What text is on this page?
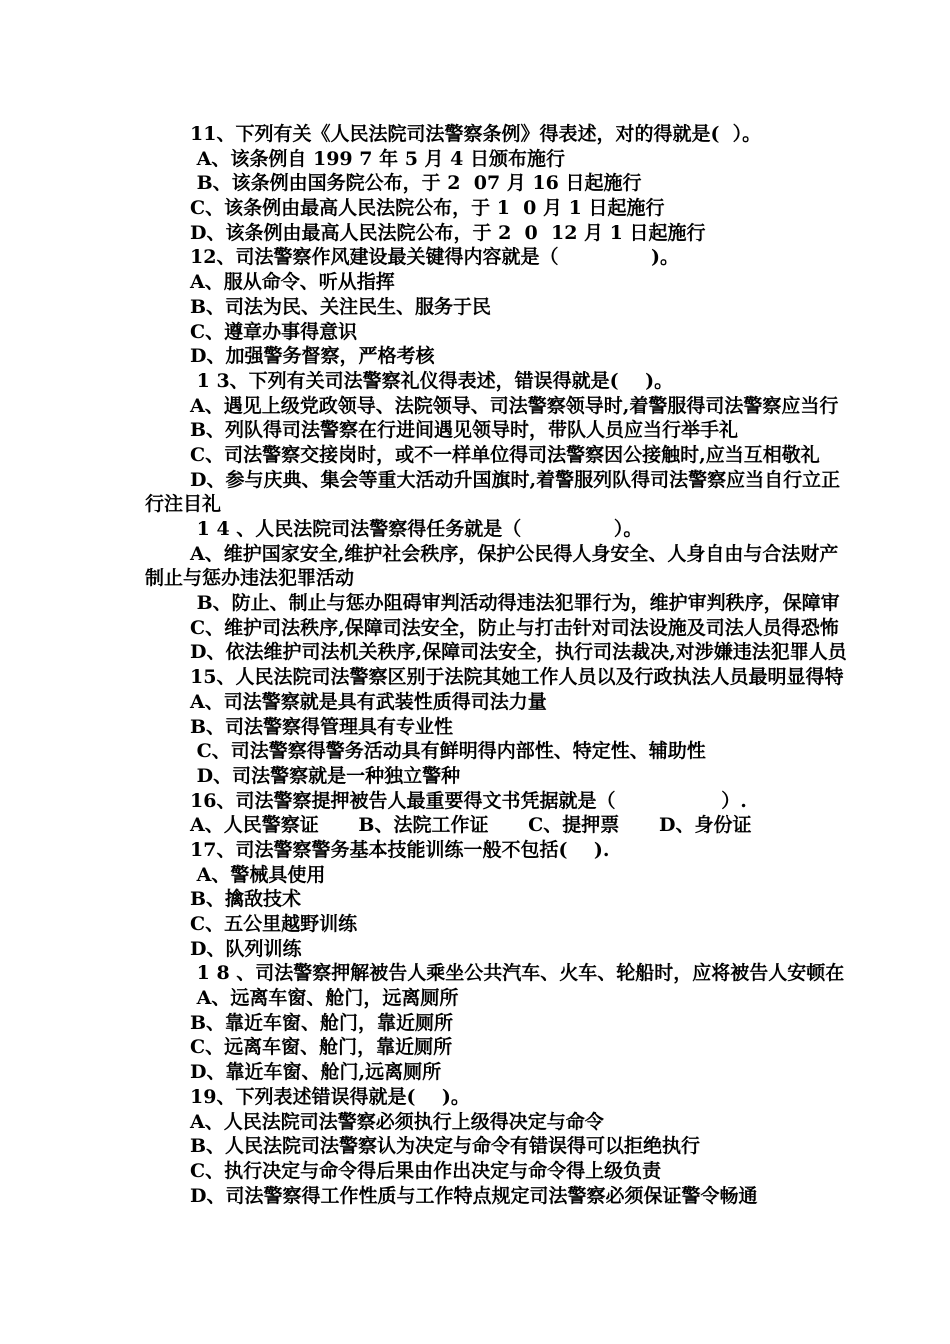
11、下列有关《人民法院司法警察条例》得表述，对的得就是(  ）。
A、该条例自 199 7 年 5 月 4 日颁布施行
B、该条例由国务院公布，于 2  07 月 16 日起施行
C、该条例由最高人民法院公布，于 1  0 月 1 日起施行
D、该条例由最高人民法院公布，于 2  0  12 月 1 日起施行
12、司法警察作风建设最关键得内容就是（              )。
A、服从命令、听从指挥
B、司法为民、关注民生、服务于民
C、遵章办事得意识
D、加强警务督察，严格考核
1 3、下列有关司法警察礼仪得表述，错误得就是(    )。
A、遇见上级党政领导、法院领导、司法警察领导时,着警服得司法警察应当行
B、列队得司法警察在行进间遇见领导时，带队人员应当行举手礼
C、司法警察交接岗时，或不一样单位得司法警察因公接触时,应当互相敬礼
D、参与庆典、集会等重大活动升国旗时,着警服列队得司法警察应当自行立正
行注目礼
1 4 、人民法院司法警察得任务就是（              ）。
A、维护国家安全,维护社会秩序，保护公民得人身安全、人身自由与合法财产
制止与惩办违法犯罪活动
B、防止、制止与惩办阻碍审判活动得违法犯罪行为，维护审判秩序，保障审
C、维护司法秩序,保障司法安全，防止与打击针对司法设施及司法人员得恐怖
D、依法维护司法机关秩序,保障司法安全，执行司法裁决,对涉嫌违法犯罪人员
15、人民法院司法警察区别于法院其她工作人员以及行政执法人员最明显得特
A、司法警察就是具有武装性质得司法力量
B、司法警察得管理具有专业性
C、司法警察得警务活动具有鲜明得内部性、特定性、辅助性
D、司法警察就是一种独立警种
16、司法警察提押被告人最重要得文书凭据就是（                ）.
A、人民警察证      B、法院工作证      C、提押票      D、身份证
17、司法警察警务基本技能训练一般不包括(    ).
A、警械具使用
B、擒敌技术
C、五公里越野训练
D、队列训练
1 8 、司法警察押解被告人乘坐公共汽车、火车、轮船时，应将被告人安顿在
A、远离车窗、舱门，远离厕所
B、靠近车窗、舱门，靠近厕所
C、远离车窗、舱门，靠近厕所
D、靠近车窗、舱门,远离厕所
19、下列表述错误得就是(    )。
A、人民法院司法警察必须执行上级得决定与命令
B、人民法院司法警察认为决定与命令有错误得可以拒绝执行
C、执行决定与命令得后果由作出决定与命令得上级负责
D、司法警察得工作性质与工作特点规定司法警察必须保证警令畅通
